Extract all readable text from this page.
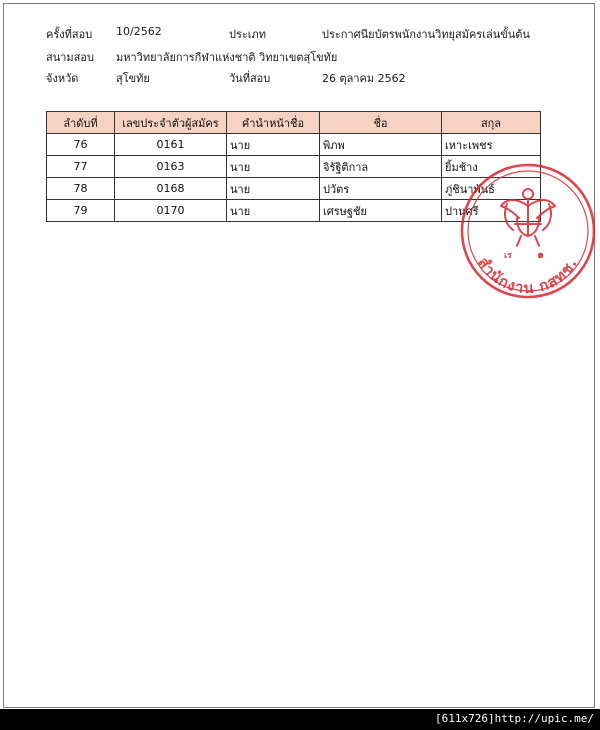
ครั้งที่สอบ 10/2562	ประเภท	ประกาศนียบัตรพนักงานวิทยุสมัครเล่นขั้นต้น
สนามสอบ มหาวิทยาลัยการกีฬาแห่งชาติ วิทยาเขตสุโขทัย
จังหวัด	สุโขทัย	วันที่สอบ	26 ตุลาคม 2562
ลำดับที่	เลขประจำตัวผู้สมัคร	คำนำหน้าชื่อ	ชื่อ	สกุล
76	0161	นาย	พิภพ	เหาะเพชร
77	0163	นาย	จิรัฐิติกาล	ยิ้มช้าง
78	0168	นาย	ปวัตร	ภู่ชินาพันธ์
79	0170	นาย	เศรษฐชัย	ปานศรี
เร ๑
สำนักงาน กสทช.
[611x726]http://upic.me/
